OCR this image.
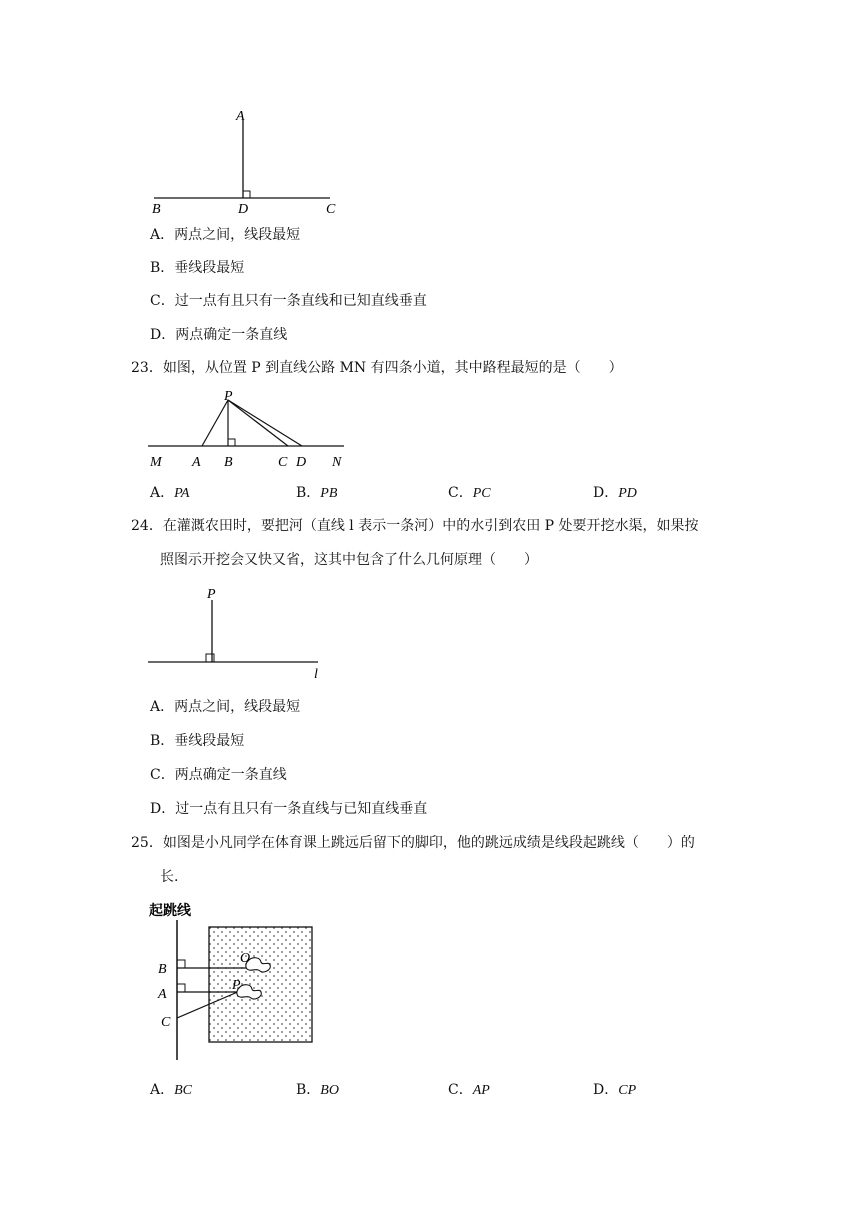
A
B	D	C
A．两点之间，线段最短
B．垂线段最短
C．过一点有且只有一条直线和已知直线垂直
D．两点确定一条直线
23．如图，从位置 P 到直线公路 MN 有四条小道，其中路程最短的是（　　）
P
M A B	C D N
A．PA	B．PB	C．PC	D．PD
24．在灌溉农田时，要把河（直线 l 表示一条河）中的水引到农田 P 处要开挖水渠，如果按
照图示开挖会又快又省，这其中包含了什么几何原理（　　）
P
l
A．两点之间，线段最短
B．垂线段最短
C．两点确定一条直线
D．过一点有且只有一条直线与已知直线垂直
25．如图是小凡同学在体育课上跳远后留下的脚印，他的跳远成绩是线段起跳线（　　）的
长.
起跳线
O
P
B
A
C
A．BC	B．BO	C．AP	D．CP
